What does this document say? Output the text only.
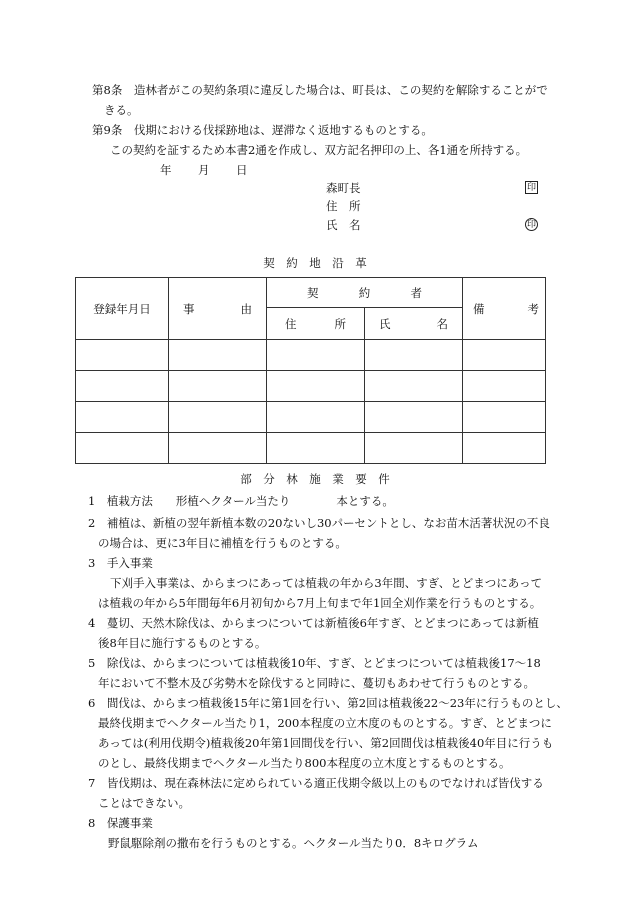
第8条　造林者がこの契約条項に違反した場合は、町長は、この契約を解除することがで
きる。
第9条　伐期における伐採跡地は、遅滞なく返地するものとする。
この契約を証するため本書2通を作成し、双方記名押印の上、各1通を所持する。
年 月 日
森町長	印
住　所
氏　名	印
契　約　地　沿　革
登録年月日	事 由	契 約 者		備 考

		住 所	氏 名	

部　分　林　施　業　要　件
1　植栽方法　　形植ヘクタール当たり　　　　本とする。
2　補植は、新植の翌年新植本数の20ないし30パーセントとし、なお苗木活著状況の不良
の場合は、更に3年目に補植を行うものとする。
3　手入事業
下刈手入事業は、からまつにあっては植栽の年から3年間、すぎ、とどまつにあって
は植栽の年から5年間毎年6月初旬から7月上旬まで年1回全刈作業を行うものとする。
4　蔓切、天然木除伐は、からまつについては新植後6年すぎ、とどまつにあっては新植
後8年目に施行するものとする。
5　除伐は、からまつについては植栽後10年、すぎ、とどまつについては植栽後17～18
年において不整木及び劣勢木を除伐すると同時に、蔓切もあわせて行うものとする。
6　間伐は、からまつ植栽後15年に第1回を行い、第2回は植栽後22～23年に行うものとし、
最終伐期までヘクタール当たり1，200本程度の立木度のものとする。すぎ、とどまつに
あっては(利用伐期令)植栽後20年第1回間伐を行い、第2回間伐は植栽後40年目に行うも
のとし、最終伐期までヘクタール当たり800本程度の立木度とするものとする。
7　皆伐期は、現在森林法に定められている適正伐期令級以上のものでなければ皆伐する
ことはできない。
8　保護事業
野鼠駆除剤の撒布を行うものとする。ヘクタール当たり0．8キログラム
